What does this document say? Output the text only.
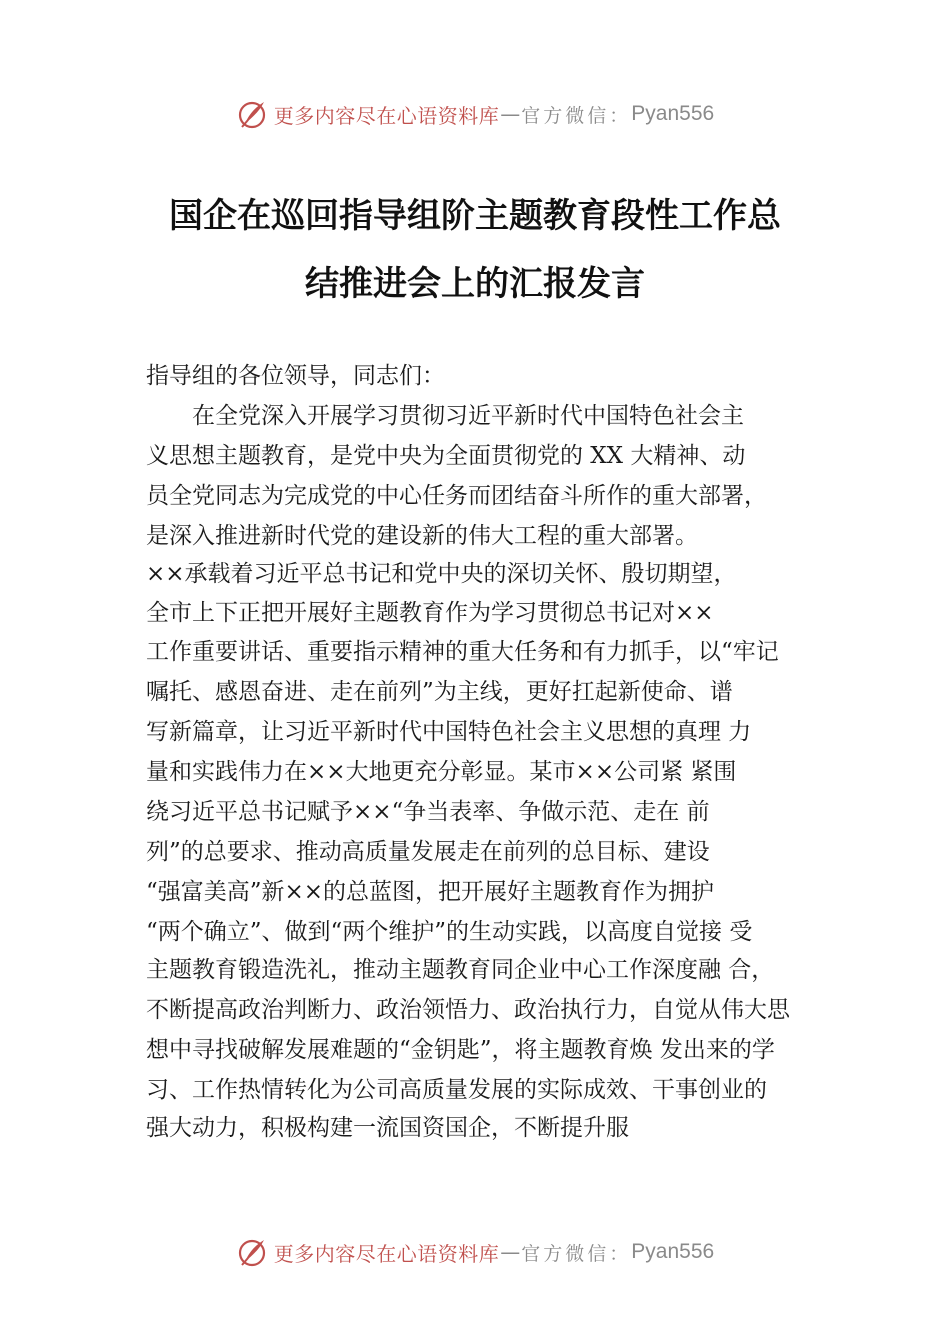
更多内容尽在心语资料库 — 官方微信： Pyan556
国企在巡回指导组阶主题教育段性工作总
结推进会上的汇报发言
指导组的各位领导，同志们：
　　在全党深入开展学习贯彻习近平新时代中国特色社会主
义思想主题教育，是党中央为全面贯彻党的 XX 大精神、动
员全党同志为完成党的中心任务而团结奋斗所作的重大部署，
是深入推进新时代党的建设新的伟大工程的重大部署。
××承载着习近平总书记和党中央的深切关怀、殷切期望，
全市上下正把开展好主题教育作为学习贯彻总书记对××
工作重要讲话、重要指示精神的重大任务和有力抓手，以“牢记
嘱托、感恩奋进、走在前列”为主线，更好扛起新使命、谱
写新篇章，让习近平新时代中国特色社会主义思想的真理 力
量和实践伟力在××大地更充分彰显。某市××公司紧 紧围
绕习近平总书记赋予××“争当表率、争做示范、走在 前
列”的总要求、推动高质量发展走在前列的总目标、建设
“强富美高”新××的总蓝图，把开展好主题教育作为拥护
“两个确立”、做到“两个维护”的生动实践，以高度自觉接 受
主题教育锻造洗礼，推动主题教育同企业中心工作深度融 合，
不断提高政治判断力、政治领悟力、政治执行力，自觉从伟大思
想中寻找破解发展难题的“金钥匙”，将主题教育焕 发出来的学
习、工作热情转化为公司高质量发展的实际成效、干事创业的
强大动力，积极构建一流国资国企，不断提升服
更多内容尽在心语资料库 — 官方微信： Pyan556
